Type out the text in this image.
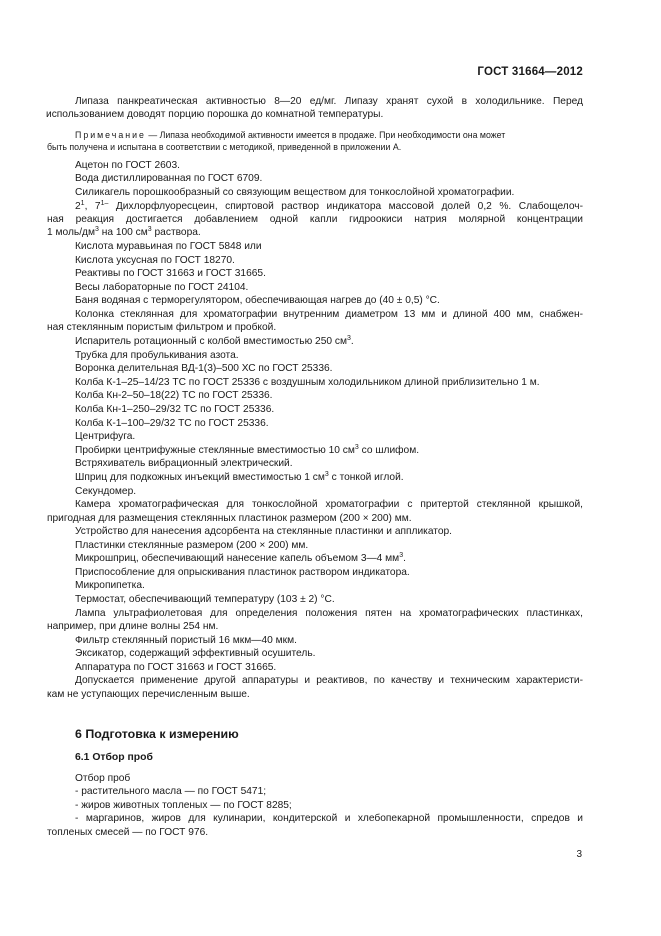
ГОСТ 31664—2012
Липаза панкреатическая активностью 8—20 ед/мг. Липазу хранят сухой в холодильнике. Перед
использованием доводят порцию порошка до комнатной температуры.
Примечание — Липаза необходимой активности имеется в продаже. При необходимости она может
быть получена и испытана в соответствии с методикой, приведенной в приложении А.
Ацетон по ГОСТ 2603.
Вода дистиллированная по ГОСТ 6709.
Силикагель порошкообразный со связующим веществом для тонкослойной хроматографии.
$2^1$, $7^{1-}$ Дихлорфлуоресцеин, спиртовой раствор индикатора массовой долей 0,2 %. Слабощелоч-
ная реакция достигается добавлением одной капли гидроокиси натрия молярной концентрации
1 моль/$дм^3$ на 100 $см^3$ раствора.
Кислота муравьиная по ГОСТ 5848 или
Кислота уксусная по ГОСТ 18270.
Реактивы по ГОСТ 31663 и ГОСТ 31665.
Весы лабораторные по ГОСТ 24104.
Баня водяная с терморегулятором, обеспечивающая нагрев до (40 ± 0,5) °С.
Колонка стеклянная для хроматографии внутренним диаметром 13 мм и длиной 400 мм, снабжен-
ная стеклянным пористым фильтром и пробкой.
Испаритель ротационный с колбой вместимостью 250 $см^3$.
Трубка для пробулькивания азота.
Воронка делительная ВД-1(3)–500 ХС по ГОСТ 25336.
Колба К-1–25–14/23 ТС по ГОСТ 25336 с воздушным холодильником длиной приблизительно 1 м.
Колба Кн-2–50–18(22) ТС по ГОСТ 25336.
Колба Кн-1–250–29/32 ТС по ГОСТ 25336.
Колба К-1–100–29/32 ТС по ГОСТ 25336.
Центрифуга.
Пробирки центрифужные стеклянные вместимостью 10 $см^3$ со шлифом.
Встряхиватель вибрационный электрический.
Шприц для подкожных инъекций вместимостью 1 $см^3$ с тонкой иглой.
Секундомер.
Камера хроматографическая для тонкослойной хроматографии с притертой стеклянной крышкой,
пригодная для размещения стеклянных пластинок размером (200 × 200) мм.
Устройство для нанесения адсорбента на стеклянные пластинки и аппликатор.
Пластинки стеклянные размером (200 × 200) мм.
Микрошприц, обеспечивающий нанесение капель объемом 3—4 $мм^3$.
Приспособление для опрыскивания пластинок раствором индикатора.
Микропипетка.
Термостат, обеспечивающий температуру (103 ± 2) °С.
Лампа ультрафиолетовая для определения положения пятен на хроматографических пластинках,
например, при длине волны 254 нм.
Фильтр стеклянный пористый 16 мкм—40 мкм.
Эксикатор, содержащий эффективный осушитель.
Аппаратура по ГОСТ 31663 и ГОСТ 31665.
Допускается применение другой аппаратуры и реактивов, по качеству и техническим характеристи-
кам не уступающих перечисленным выше.
6 Подготовка к измерению
6.1 Отбор проб
Отбор проб
- растительного масла — по ГОСТ 5471;
- жиров животных топленых — по ГОСТ 8285;
- маргаринов, жиров для кулинарии, кондитерской и хлебопекарной промышленности, спредов и
топленых смесей — по ГОСТ 976.
3
